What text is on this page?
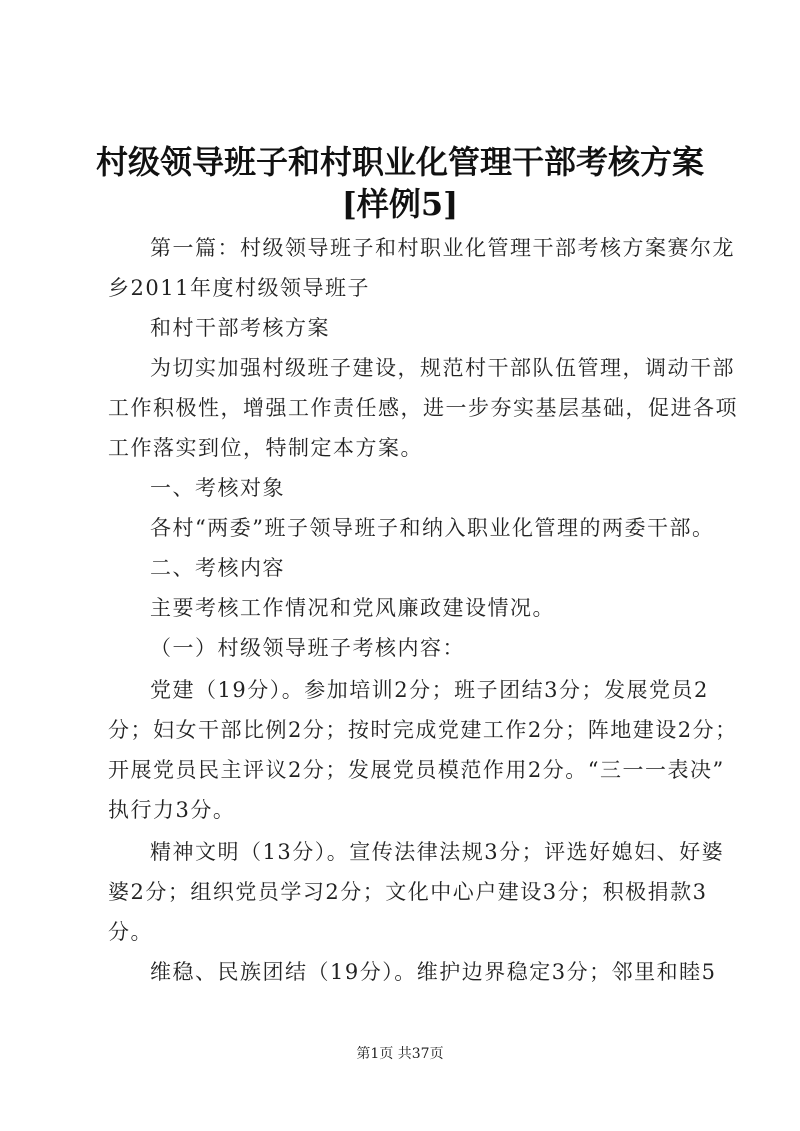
村级领导班子和村职业化管理干部考核方案
[样例5]
第一篇：村级领导班子和村职业化管理干部考核方案赛尔龙
乡2011年度村级领导班子
和村干部考核方案
为切实加强村级班子建设，规范村干部队伍管理，调动干部
工作积极性，增强工作责任感，进一步夯实基层基础，促进各项
工作落实到位，特制定本方案。
一、考核对象
各村“两委”班子领导班子和纳入职业化管理的两委干部。
二、考核内容
主要考核工作情况和党风廉政建设情况。
（一）村级领导班子考核内容：
党建（19分）。参加培训2分；班子团结3分；发展党员2
分；妇女干部比例2分；按时完成党建工作2分；阵地建设2分；
开展党员民主评议2分；发展党员模范作用2分。“三一一表决”
执行力3分。
精神文明（13分）。宣传法律法规3分；评选好媳妇、好婆
婆2分；组织党员学习2分；文化中心户建设3分；积极捐款3
分。
维稳、民族团结（19分）。维护边界稳定3分；邻里和睦5
第1页 共37页
